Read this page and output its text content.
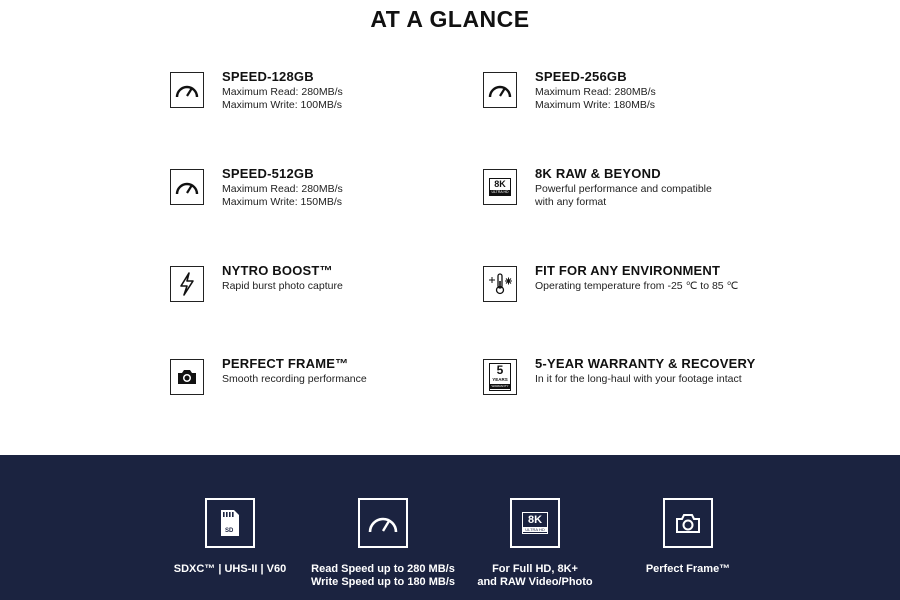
AT A GLANCE
SPEED-128GB
Maximum Read: 280MB/s
Maximum Write: 100MB/s
SPEED-256GB
Maximum Read: 280MB/s
Maximum Write: 180MB/s
SPEED-512GB
Maximum Read: 280MB/s
Maximum Write: 150MB/s
8K
ULTRA HD
8K RAW & BEYOND
Powerful performance and compatible
with any format
NYTRO BOOST™
Rapid burst photo capture
FIT FOR ANY ENVIRONMENT
Operating temperature from -25 ℃ to 85 ℃
PERFECT FRAME™
Smooth recording performance
5
YEARS
WARRANTY
5-YEAR WARRANTY & RECOVERY
In it for the long-haul with your footage intact
SD
SDXC™ | UHS-II | V60	Read Speed up to 280 MB/s
Write Speed up to 180 MB/s
8K
ULTRA HD
For Full HD, 8K+
and RAW Video/Photo
Perfect Frame™
